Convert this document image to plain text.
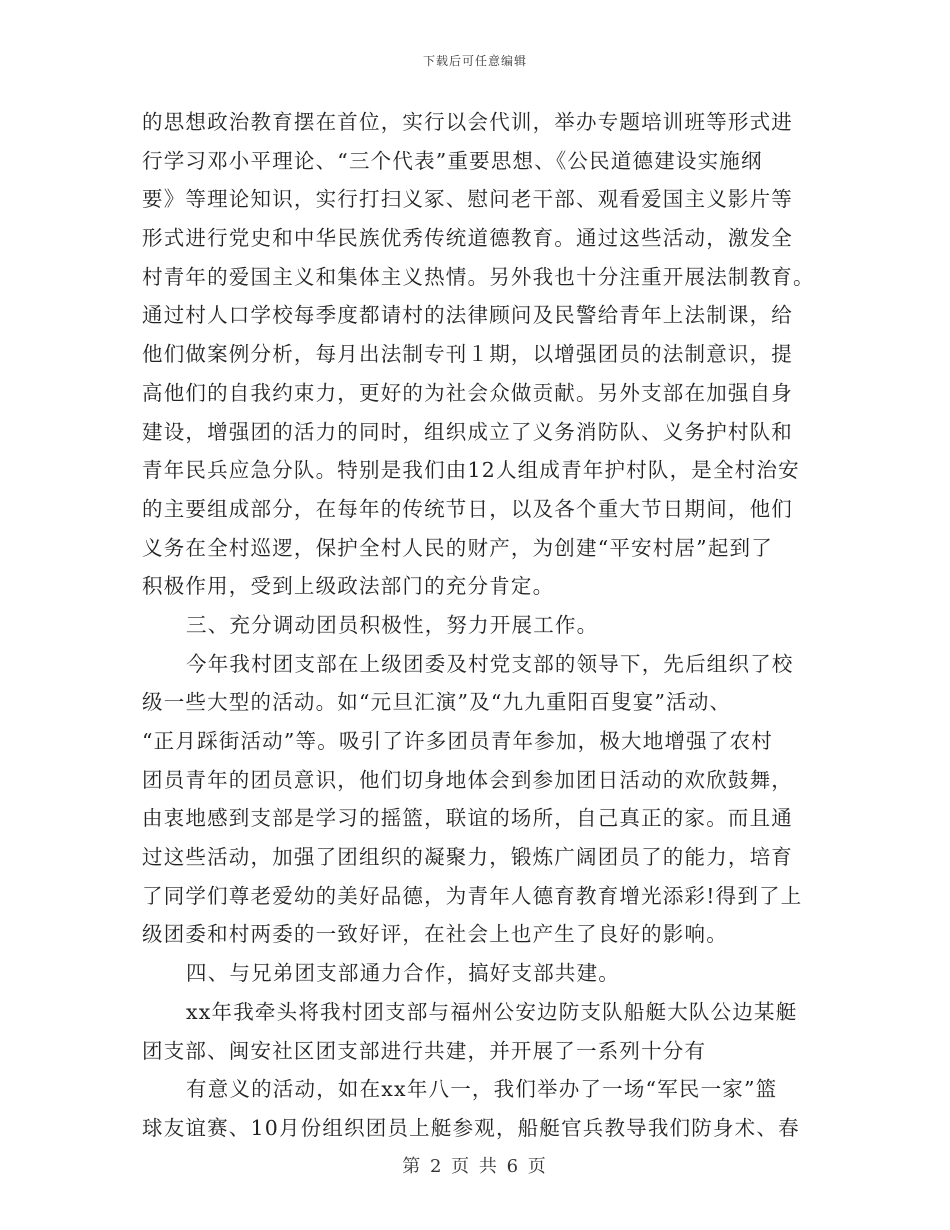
下载后可任意编辑
的思想政治教育摆在首位，实行以会代训，举办专题培训班等形式进
行学习邓小平理论、“三个代表”重要思想、《公民道德建设实施纲
要》等理论知识，实行打扫义冢、慰问老干部、观看爱国主义影片等
形式进行党史和中华民族优秀传统道德教育。通过这些活动，激发全
村青年的爱国主义和集体主义热情。另外我也十分注重开展法制教育。
通过村人口学校每季度都请村的法律顾问及民警给青年上法制课，给
他们做案例分析，每月出法制专刊１期，以增强团员的法制意识，提
高他们的自我约束力，更好的为社会众做贡献。另外支部在加强自身
建设，增强团的活力的同时，组织成立了义务消防队、义务护村队和
青年民兵应急分队。特别是我们由12人组成青年护村队，是全村治安
的主要组成部分，在每年的传统节日，以及各个重大节日期间，他们
义务在全村巡逻，保护全村人民的财产，为创建“平安村居”起到了
积极作用，受到上级政法部门的充分肯定。
三、充分调动团员积极性，努力开展工作。
今年我村团支部在上级团委及村党支部的领导下，先后组织了校
级一些大型的活动。如“元旦汇演”及“九九重阳百叟宴”活动、
“正月踩街活动”等。吸引了许多团员青年参加，极大地增强了农村
团员青年的团员意识，他们切身地体会到参加团日活动的欢欣鼓舞，
由衷地感到支部是学习的摇篮，联谊的场所，自己真正的家。而且通
过这些活动，加强了团组织的凝聚力，锻炼广阔团员了的能力，培育
了同学们尊老爱幼的美好品德，为青年人德育教育增光添彩!得到了上
级团委和村两委的一致好评，在社会上也产生了良好的影响。
四、与兄弟团支部通力合作，搞好支部共建。
xx年我牵头将我村团支部与福州公安边防支队船艇大队公边某艇
团支部、闽安社区团支部进行共建，并开展了一系列十分有
有意义的活动，如在xx年八一，我们举办了一场“军民一家”篮
球友谊赛、10月份组织团员上艇参观，船艇官兵教导我们防身术、春
第 2 页 共 6 页
